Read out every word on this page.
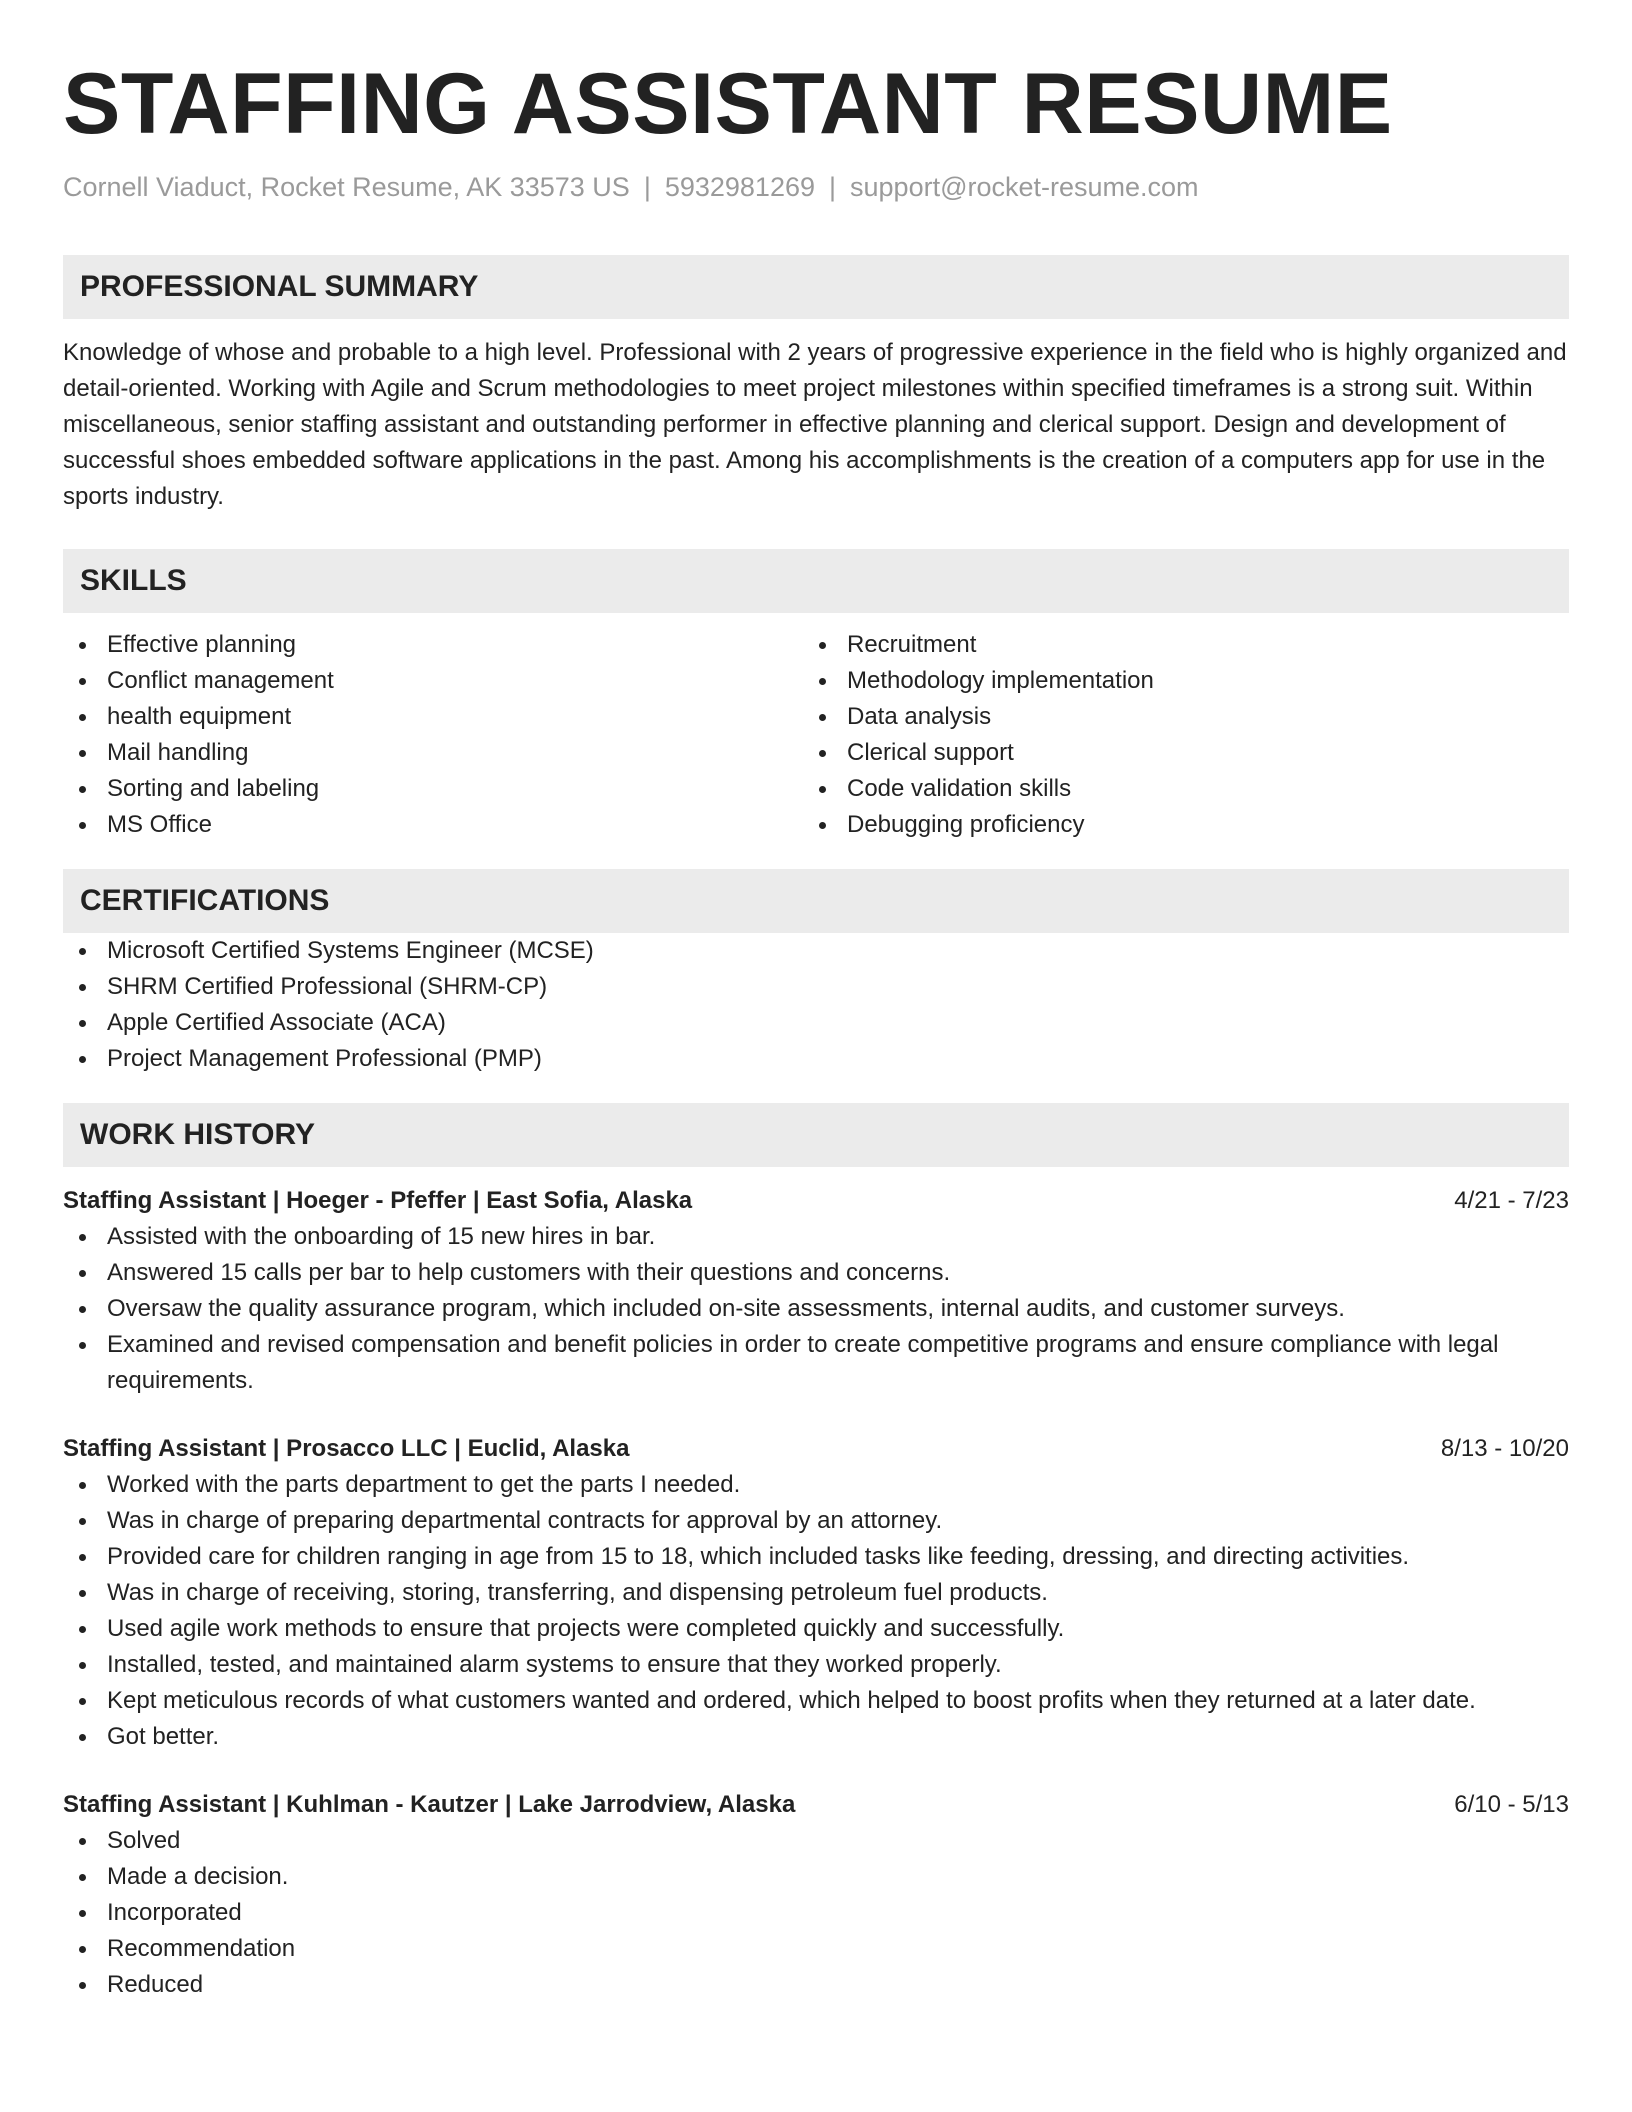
STAFFING ASSISTANT RESUME
Cornell Viaduct, Rocket Resume, AK 33573 US | 5932981269 | support@rocket-resume.com
PROFESSIONAL SUMMARY

Knowledge of whose and probable to a high level. Professional with 2 years of progressive experience in the field who is highly organized and detail-oriented. Working with Agile and Scrum methodologies to meet project milestones within specified timeframes is a strong suit. Within miscellaneous, senior staffing assistant and outstanding performer in effective planning and clerical support. Design and development of successful shoes embedded software applications in the past. Among his accomplishments is the creation of a computers app for use in the sports industry.

SKILLS
Effective planning
Conflict management
health equipment
Mail handling
Sorting and labeling
MS Office
Recruitment
Methodology implementation
Data analysis
Clerical support
Code validation skills
Debugging proficiency
CERTIFICATIONS
Microsoft Certified Systems Engineer (MCSE)
SHRM Certified Professional (SHRM-CP)
Apple Certified Associate (ACA)
Project Management Professional (PMP)
WORK HISTORY
Staffing Assistant | Hoeger - Pfeffer | East Sofia, Alaska	4/21 - 7/23
Assisted with the onboarding of 15 new hires in bar.
Answered 15 calls per bar to help customers with their questions and concerns.
Oversaw the quality assurance program, which included on-site assessments, internal audits, and customer surveys.
Examined and revised compensation and benefit policies in order to create competitive programs and ensure compliance with legal requirements.
Staffing Assistant | Prosacco LLC | Euclid, Alaska	8/13 - 10/20
Worked with the parts department to get the parts I needed.
Was in charge of preparing departmental contracts for approval by an attorney.
Provided care for children ranging in age from 15 to 18, which included tasks like feeding, dressing, and directing activities.
Was in charge of receiving, storing, transferring, and dispensing petroleum fuel products.
Used agile work methods to ensure that projects were completed quickly and successfully.
Installed, tested, and maintained alarm systems to ensure that they worked properly.
Kept meticulous records of what customers wanted and ordered, which helped to boost profits when they returned at a later date.
Got better.
Staffing Assistant | Kuhlman - Kautzer | Lake Jarrodview, Alaska	6/10 - 5/13
Solved
Made a decision.
Incorporated
Recommendation
Reduced
